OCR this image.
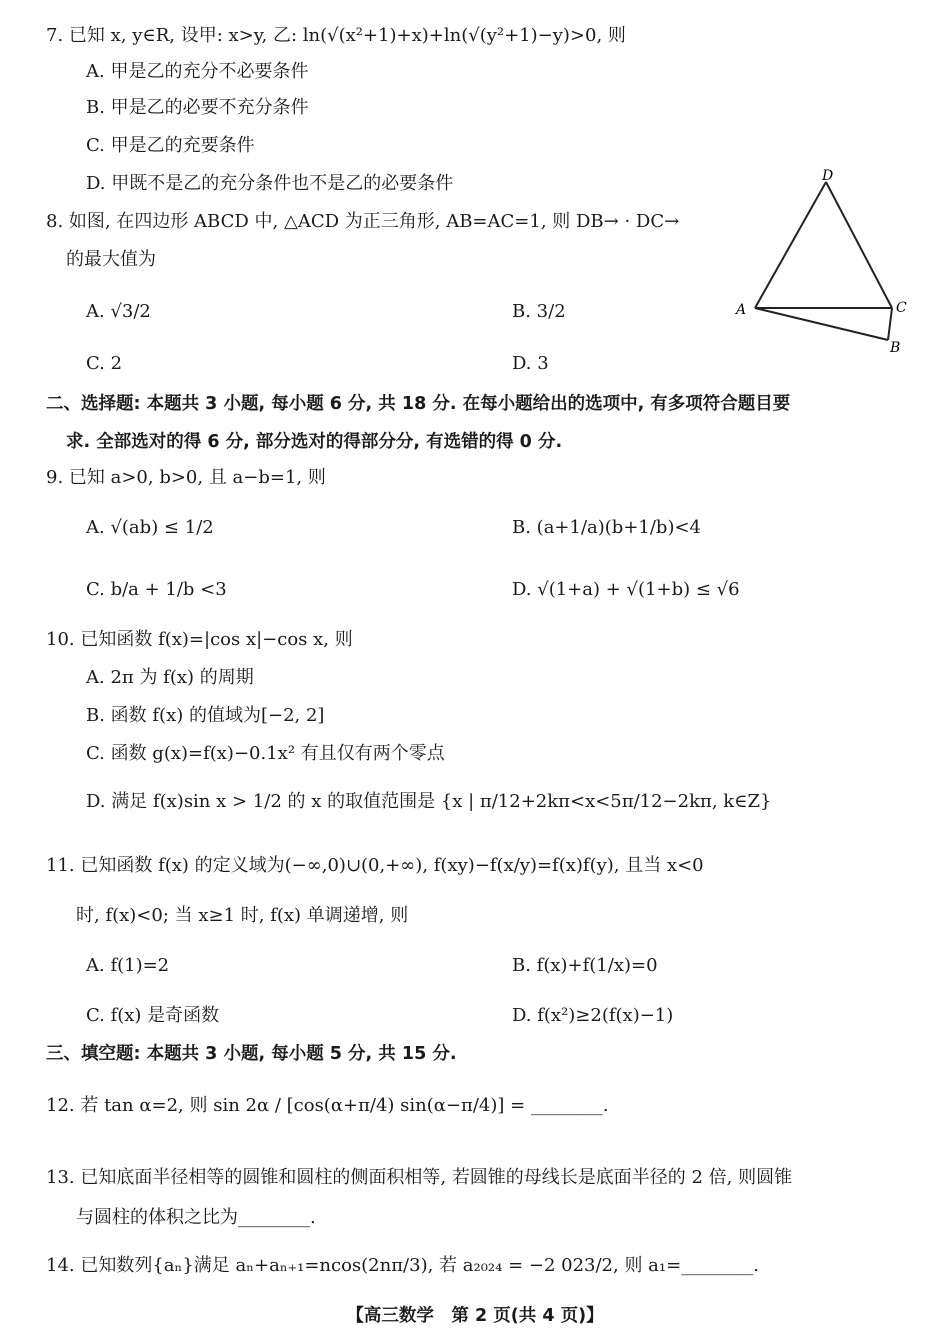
7. 已知 x, y∈R, 设甲: x>y, 乙: ln(√(x²+1)+x)+ln(√(y²+1)−y)>0, 则
A. 甲是乙的充分不必要条件
B. 甲是乙的必要不充分条件
C. 甲是乙的充要条件
D. 甲既不是乙的充分条件也不是乙的必要条件
8. 如图, 在四边形 ABCD 中, △ACD 为正三角形, AB=AC=1, 则 DB→ · DC→
的最大值为
A. √3/2	B. 3/2
C. 2	D. 3
D
A	C
B
二、选择题: 本题共 3 小题, 每小题 6 分, 共 18 分. 在每小题给出的选项中, 有多项符合题目要
求. 全部选对的得 6 分, 部分选对的得部分分, 有选错的得 0 分.
9. 已知 a>0, b>0, 且 a−b=1, 则
A. √(ab) ≤ 1/2	B. (a+1/a)(b+1/b)<4
C. b/a + 1/b <3	D. √(1+a) + √(1+b) ≤ √6
10. 已知函数 f(x)=|cos x|−cos x, 则
A. 2π 为 f(x) 的周期
B. 函数 f(x) 的值域为[−2, 2]
C. 函数 g(x)=f(x)−0.1x² 有且仅有两个零点
D. 满足 f(x)sin x > 1/2 的 x 的取值范围是 {x | π/12+2kπ<x<5π/12−2kπ, k∈Z}
11. 已知函数 f(x) 的定义域为(−∞,0)∪(0,+∞), f(xy)−f(x/y)=f(x)f(y), 且当 x<0
时, f(x)<0; 当 x≥1 时, f(x) 单调递增, 则
A. f(1)=2	B. f(x)+f(1/x)=0
C. f(x) 是奇函数	D. f(x²)≥2(f(x)−1)
三、填空题: 本题共 3 小题, 每小题 5 分, 共 15 分.
12. 若 tan α=2, 则 sin 2α / [cos(α+π/4) sin(α−π/4)] = ________.
13. 已知底面半径相等的圆锥和圆柱的侧面积相等, 若圆锥的母线长是底面半径的 2 倍, 则圆锥
与圆柱的体积之比为________.
14. 已知数列{aₙ}满足 aₙ+aₙ₊₁=ncos(2nπ/3), 若 a₂₀₂₄ = −2 023/2, 则 a₁=________.
【高三数学　第 2 页(共 4 页)】
